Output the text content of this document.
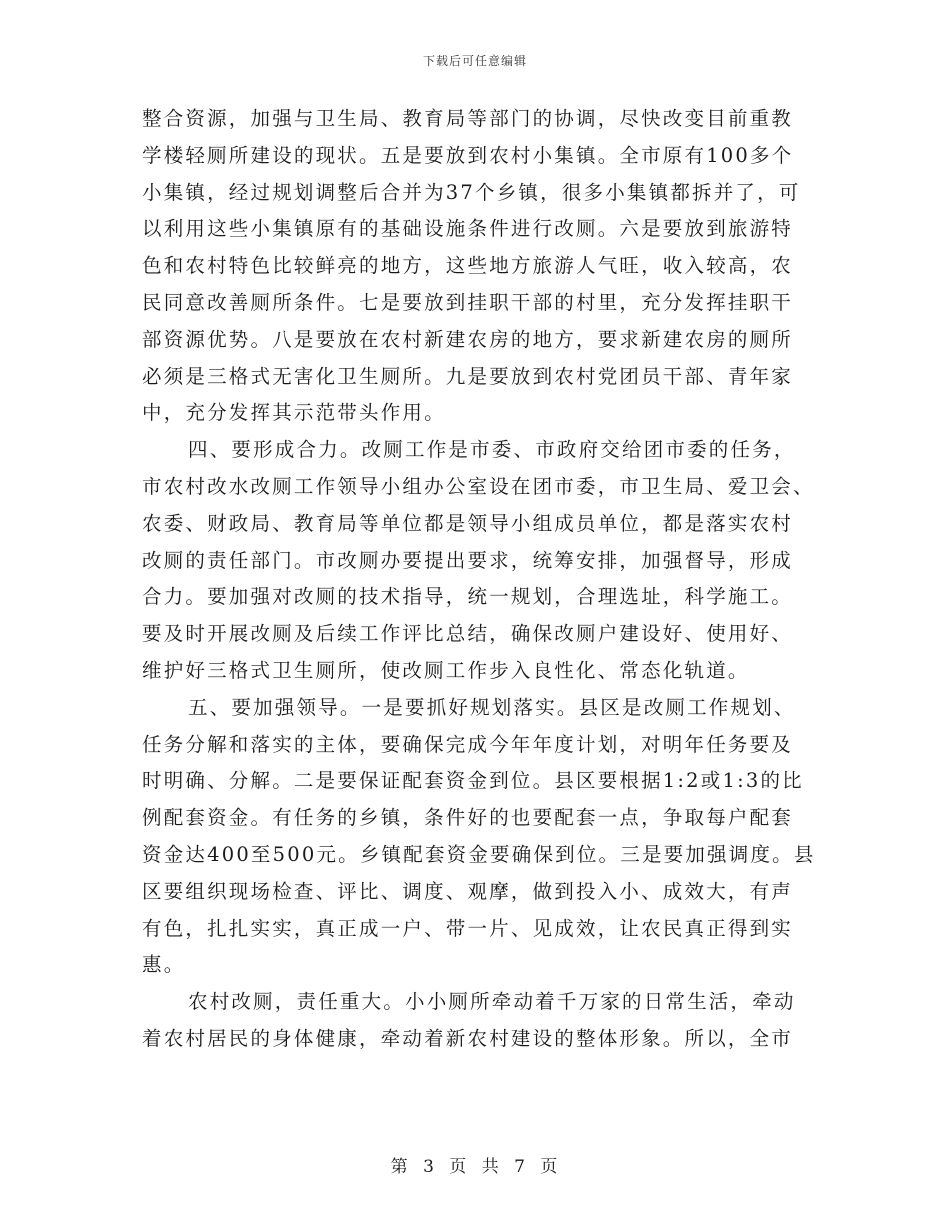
下载后可任意编辑
整合资源，加强与卫生局、教育局等部门的协调，尽快改变目前重教
学楼轻厕所建设的现状。五是要放到农村小集镇。全市原有100多个
小集镇，经过规划调整后合并为37个乡镇，很多小集镇都拆并了，可
以利用这些小集镇原有的基础设施条件进行改厕。六是要放到旅游特
色和农村特色比较鲜亮的地方，这些地方旅游人气旺，收入较高，农
民同意改善厕所条件。七是要放到挂职干部的村里，充分发挥挂职干
部资源优势。八是要放在农村新建农房的地方，要求新建农房的厕所
必须是三格式无害化卫生厕所。九是要放到农村党团员干部、青年家
中，充分发挥其示范带头作用。
四、要形成合力。改厕工作是市委、市政府交给团市委的任务，
市农村改水改厕工作领导小组办公室设在团市委，市卫生局、爱卫会、
农委、财政局、教育局等单位都是领导小组成员单位，都是落实农村
改厕的责任部门。市改厕办要提出要求，统筹安排，加强督导，形成
合力。要加强对改厕的技术指导，统一规划，合理选址，科学施工。
要及时开展改厕及后续工作评比总结，确保改厕户建设好、使用好、
维护好三格式卫生厕所，使改厕工作步入良性化、常态化轨道。
五、要加强领导。一是要抓好规划落实。县区是改厕工作规划、
任务分解和落实的主体，要确保完成今年年度计划，对明年任务要及
时明确、分解。二是要保证配套资金到位。县区要根据1:2或1:3的比
例配套资金。有任务的乡镇，条件好的也要配套一点，争取每户配套
资金达400至500元。乡镇配套资金要确保到位。三是要加强调度。县
区要组织现场检查、评比、调度、观摩，做到投入小、成效大，有声
有色，扎扎实实，真正成一户、带一片、见成效，让农民真正得到实
惠。
农村改厕，责任重大。小小厕所牵动着千万家的日常生活，牵动
着农村居民的身体健康，牵动着新农村建设的整体形象。所以，全市
第 3 页 共 7 页
